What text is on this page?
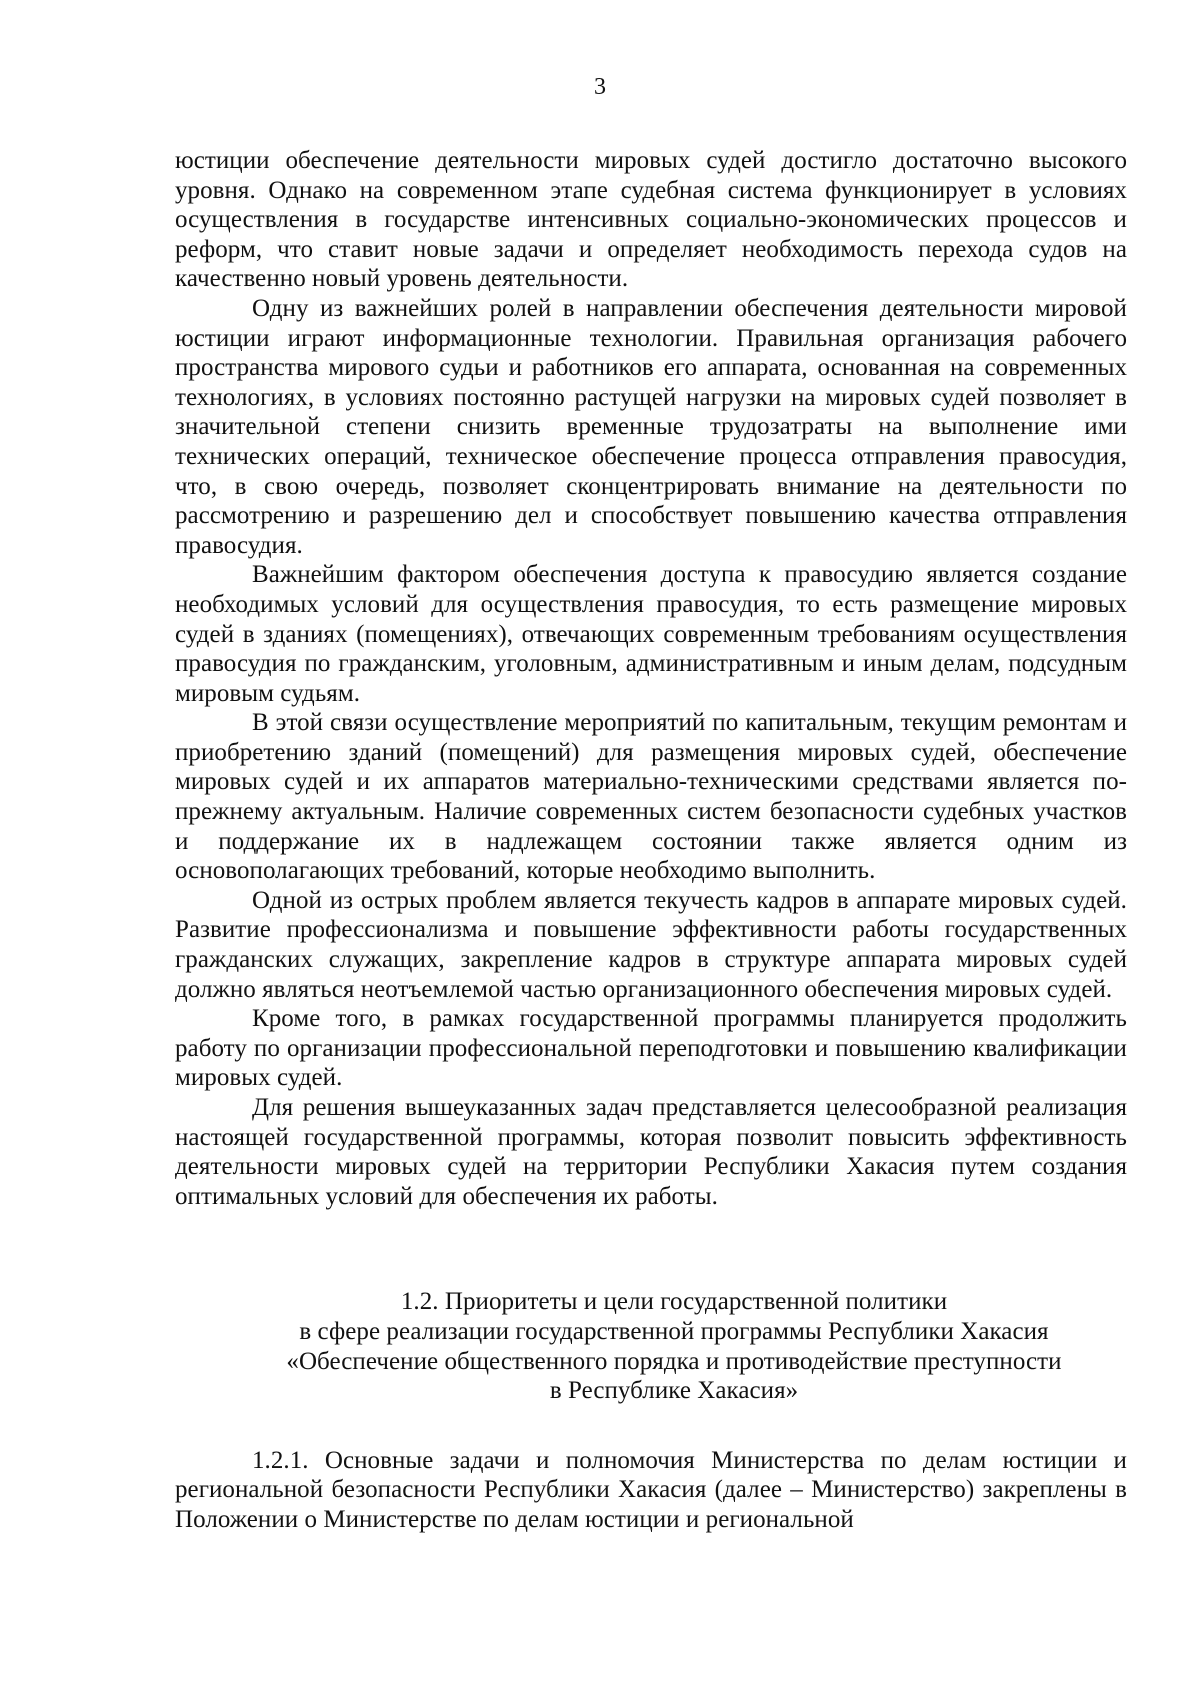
3

юстиции обеспечение деятельности мировых судей достигло достаточно высокого уровня. Однако на современном этапе судебная система функционирует в условиях осуществления в государстве интенсивных социально-экономических процессов и реформ, что ставит новые задачи и определяет необходимость перехода судов на качественно новый уровень деятельности.

Одну из важнейших ролей в направлении обеспечения деятельности мировой юстиции играют информационные технологии. Правильная организация рабочего пространства мирового судьи и работников его аппарата, основанная на современных технологиях, в условиях постоянно растущей нагрузки на мировых судей позволяет в значительной степени снизить временные трудозатраты на выполнение ими технических операций, техническое обеспечение процесса отправления правосудия, что, в свою очередь, позволяет сконцентрировать внимание на деятельности по рассмотрению и разрешению дел и способствует повышению качества отправления правосудия.

Важнейшим фактором обеспечения доступа к правосудию является создание необходимых условий для осуществления правосудия, то есть размещение мировых судей в зданиях (помещениях), отвечающих современным требованиям осуществления правосудия по гражданским, уголовным, административным и иным делам, подсудным мировым судьям.

В этой связи осуществление мероприятий по капитальным, текущим ремонтам и приобретению зданий (помещений) для размещения мировых судей, обеспечение мировых судей и их аппаратов материально-техническими средствами является по-прежнему актуальным. Наличие современных систем безопасности судебных участков и поддержание их в надлежащем состоянии также является одним из основополагающих требований, которые необходимо выполнить.

Одной из острых проблем является текучесть кадров в аппарате мировых судей. Развитие профессионализма и повышение эффективности работы государственных гражданских служащих, закрепление кадров в структуре аппарата мировых судей должно являться неотъемлемой частью организационного обеспечения мировых судей.

Кроме того, в рамках государственной программы планируется продолжить работу по организации профессиональной переподготовки и повышению квалификации мировых судей.

Для решения вышеуказанных задач представляется целесообразной реализация настоящей государственной программы, которая позволит повысить эффективность деятельности мировых судей на территории Республики Хакасия путем создания оптимальных условий для обеспечения их работы.

1.2. Приоритеты и цели государственной политики
в сфере реализации государственной программы Республики Хакасия
«Обеспечение общественного порядка и противодействие преступности
в Республике Хакасия»

1.2.1. Основные задачи и полномочия Министерства по делам юстиции и региональной безопасности Республики Хакасия (далее – Министерство) закреплены в Положении о Министерстве по делам юстиции и региональной
